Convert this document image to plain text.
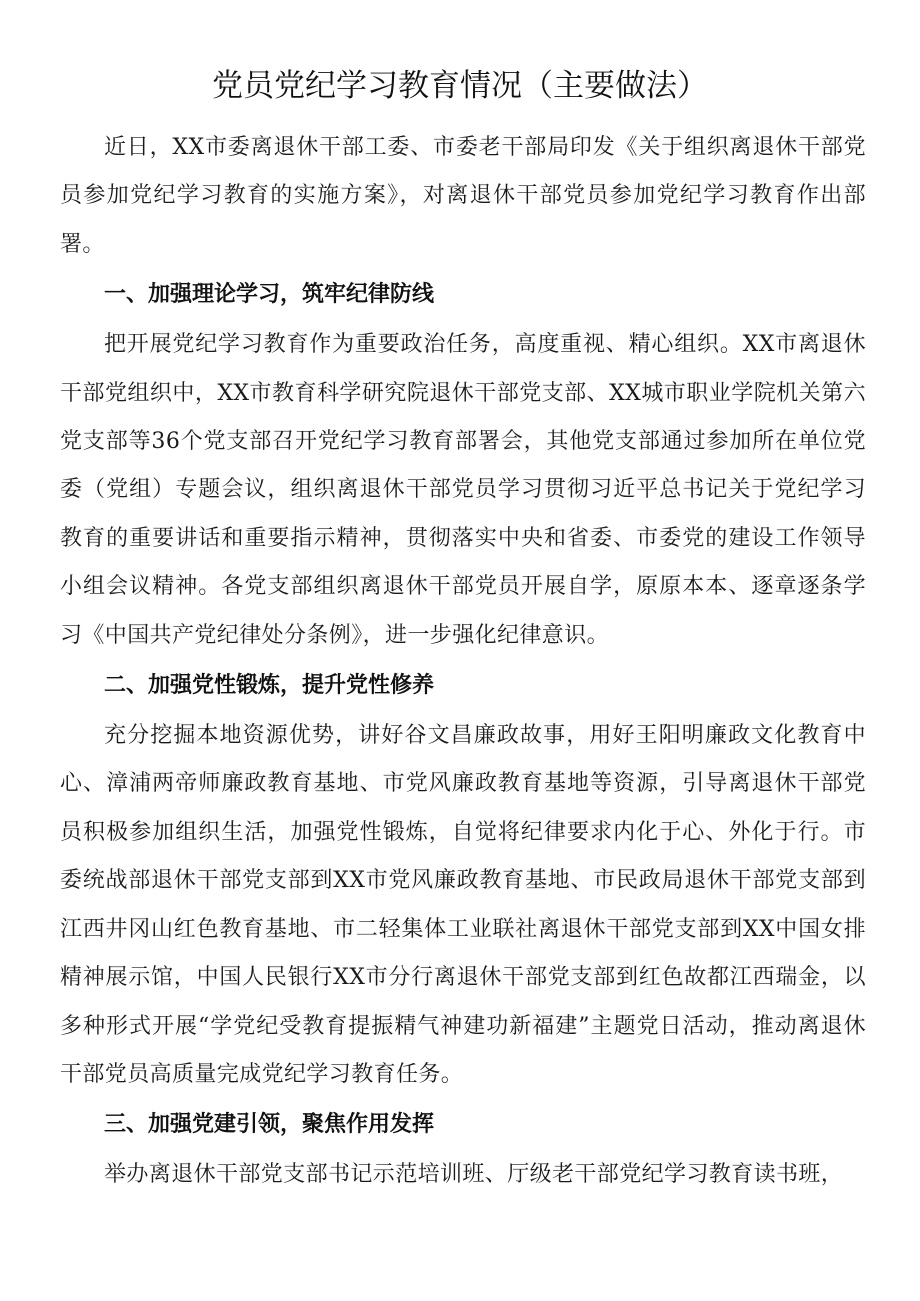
党员党纪学习教育情况（主要做法）

近日，XX市委离退休干部工委、市委老干部局印发《关于组织离退休干部党员参加党纪学习教育的实施方案》，对离退休干部党员参加党纪学习教育作出部署。

一、加强理论学习，筑牢纪律防线

把开展党纪学习教育作为重要政治任务，高度重视、精心组织。XX市离退休干部党组织中，XX市教育科学研究院退休干部党支部、XX城市职业学院机关第六党支部等36个党支部召开党纪学习教育部署会，其他党支部通过参加所在单位党委（党组）专题会议，组织离退休干部党员学习贯彻习近平总书记关于党纪学习教育的重要讲话和重要指示精神，贯彻落实中央和省委、市委党的建设工作领导小组会议精神。各党支部组织离退休干部党员开展自学，原原本本、逐章逐条学习《中国共产党纪律处分条例》，进一步强化纪律意识。

二、加强党性锻炼，提升党性修养

充分挖掘本地资源优势，讲好谷文昌廉政故事，用好王阳明廉政文化教育中心、漳浦两帝师廉政教育基地、市党风廉政教育基地等资源，引导离退休干部党员积极参加组织生活，加强党性锻炼，自觉将纪律要求内化于心、外化于行。市委统战部退休干部党支部到XX市党风廉政教育基地、市民政局退休干部党支部到江西井冈山红色教育基地、市二轻集体工业联社离退休干部党支部到XX中国女排精神展示馆，中国人民银行XX市分行离退休干部党支部到红色故都江西瑞金，以多种形式开展“学党纪受教育提振精气神建功新福建”主题党日活动，推动离退休干部党员高质量完成党纪学习教育任务。

三、加强党建引领，聚焦作用发挥

举办离退休干部党支部书记示范培训班、厅级老干部党纪学习教育读书班，
